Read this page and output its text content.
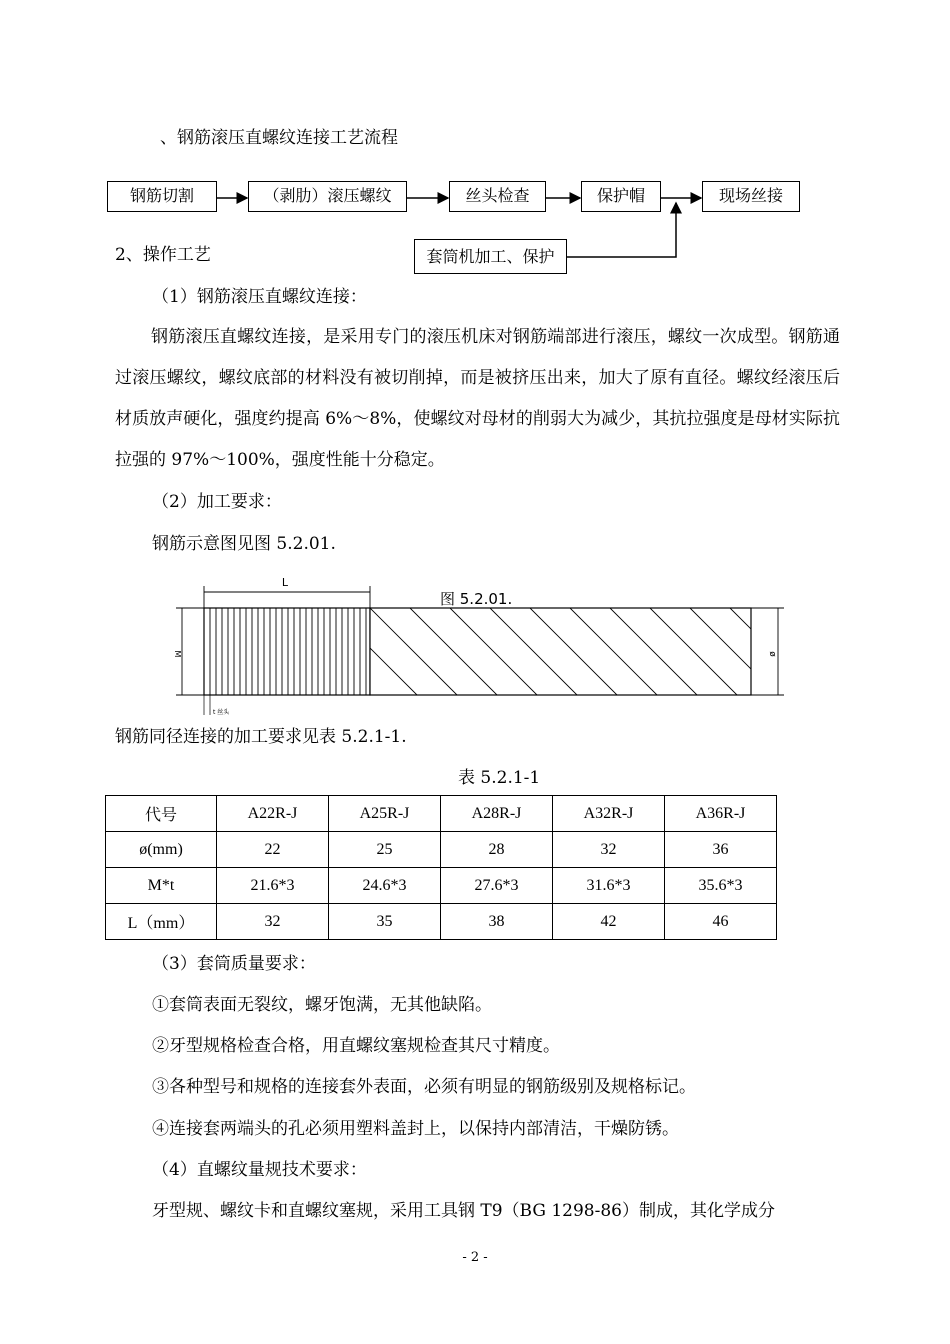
、钢筋滚压直螺纹连接工艺流程
钢筋切割	（剥肋）滚压螺纹	丝头检查	保护帽	现场丝接
套筒机加工、保护
2、操作工艺
（1）钢筋滚压直螺纹连接：

钢筋滚压直螺纹连接，是采用专门的滚压机床对钢筋端部进行滚压，螺纹一次成型。钢筋通过滚压螺纹，螺纹底部的材料没有被切削掉，而是被挤压出来，加大了原有直径。螺纹经滚压后材质放声硬化，强度约提高 6%～8%，使螺纹对母材的削弱大为减少，其抗拉强度是母材实际抗拉强的 97%～100%，强度性能十分稳定。

（2）加工要求：
钢筋示意图见图 5.2.01.
L
M	ø
t 丝头
图 5.2.01.
钢筋同径连接的加工要求见表 5.2.1-1.
表 5.2.1-1
代号	A22R-J	A25R-J	A28R-J	A32R-J	A36R-J
ø(mm)	22	25	28	32	36
M*t	21.6*3	24.6*3	27.6*3	31.6*3	35.6*3
L（mm）	32	35	38	42	46
（3）套筒质量要求：
①套筒表面无裂纹，螺牙饱满，无其他缺陷。
②牙型规格检查合格，用直螺纹塞规检查其尺寸精度。
③各种型号和规格的连接套外表面，必须有明显的钢筋级别及规格标记。
④连接套两端头的孔必须用塑料盖封上，以保持内部清洁，干燥防锈。
（4）直螺纹量规技术要求：
牙型规、螺纹卡和直螺纹塞规，采用工具钢 T9（BG 1298-86）制成，其化学成分
- 2 -
